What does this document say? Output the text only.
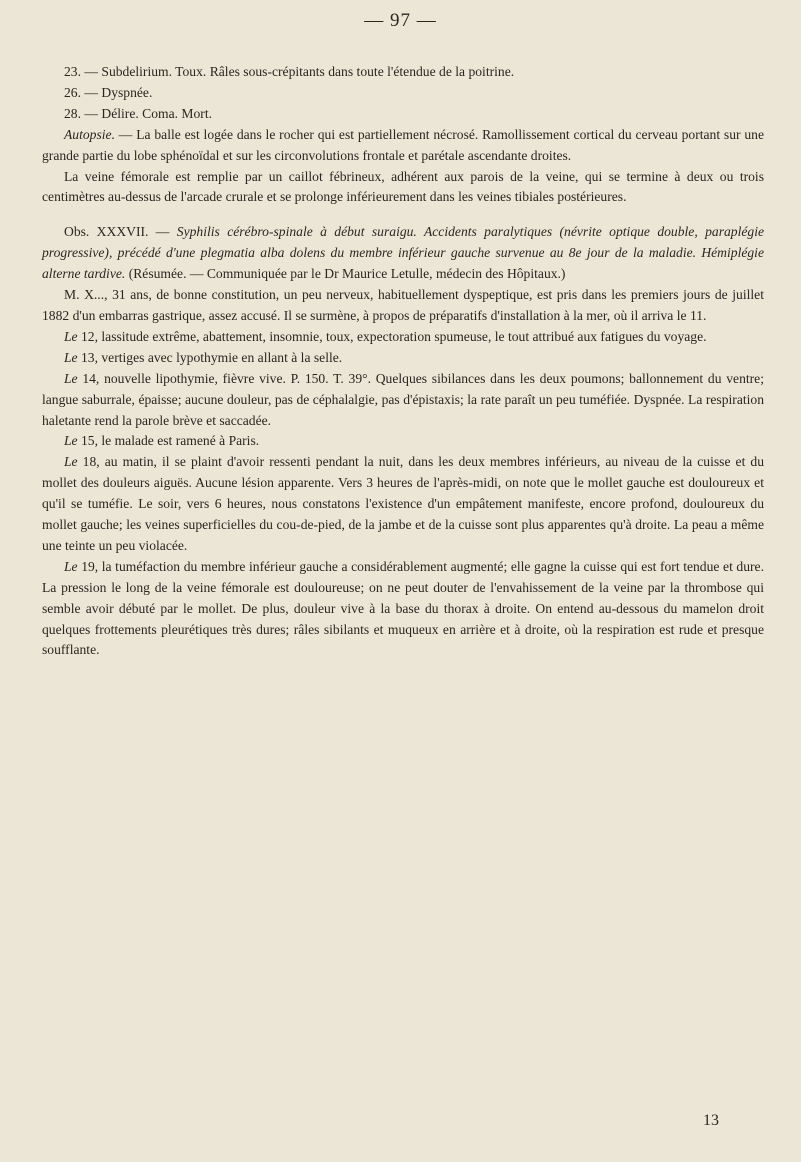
— 97 —

23. — Subdelirium. Toux. Râles sous-crépitants dans toute l'étendue de la poitrine.

26. — Dyspnée.

28. — Délire. Coma. Mort.

Autopsie. — La balle est logée dans le rocher qui est partiellement nécrosé. Ramollissement cortical du cerveau portant sur une grande partie du lobe sphénoïdal et sur les circonvolutions frontale et parétale ascendante droites.

La veine fémorale est remplie par un caillot fébrineux, adhérent aux parois de la veine, qui se termine à deux ou trois centimètres au-dessus de l'arcade crurale et se prolonge inférieurement dans les veines tibiales postérieures.

Obs. XXXVII. — Syphilis cérébro-spinale à début suraigu. Accidents paralytiques (névrite optique double, paraplégie progressive), précédé d'une plegmatia alba dolens du membre inférieur gauche survenue au 8e jour de la maladie. Hémiplégie alterne tardive. (Résumée. — Communiquée par le Dr Maurice Letulle, médecin des Hôpitaux.)

M. X..., 31 ans, de bonne constitution, un peu nerveux, habituellement dyspeptique, est pris dans les premiers jours de juillet 1882 d'un embarras gastrique, assez accusé. Il se surmène, à propos de préparatifs d'installation à la mer, où il arriva le 11.

Le 12, lassitude extrême, abattement, insomnie, toux, expectoration spumeuse, le tout attribué aux fatigues du voyage.

Le 13, vertiges avec lypothymie en allant à la selle.

Le 14, nouvelle lipothymie, fièvre vive. P. 150. T. 39°. Quelques sibilances dans les deux poumons; ballonnement du ventre; langue saburrale, épaisse; aucune douleur, pas de céphalalgie, pas d'épistaxis; la rate paraît un peu tuméfiée. Dyspnée. La respiration haletante rend la parole brève et saccadée.

Le 15, le malade est ramené à Paris.

Le 18, au matin, il se plaint d'avoir ressenti pendant la nuit, dans les deux membres inférieurs, au niveau de la cuisse et du mollet des douleurs aiguës. Aucune lésion apparente. Vers 3 heures de l'après-midi, on note que le mollet gauche est douloureux et qu'il se tuméfie. Le soir, vers 6 heures, nous constatons l'existence d'un empâtement manifeste, encore profond, douloureux du mollet gauche; les veines superficielles du cou-de-pied, de la jambe et de la cuisse sont plus apparentes qu'à droite. La peau a même une teinte un peu violacée.

Le 19, la tuméfaction du membre inférieur gauche a considérablement augmenté; elle gagne la cuisse qui est fort tendue et dure. La pression le long de la veine fémorale est douloureuse; on ne peut douter de l'envahissement de la veine par la thrombose qui semble avoir débuté par le mollet. De plus, douleur vive à la base du thorax à droite. On entend au-dessous du mamelon droit quelques frottements pleurétiques très dures; râles sibilants et muqueux en arrière et à droite, où la respiration est rude et presque soufflante.

13
